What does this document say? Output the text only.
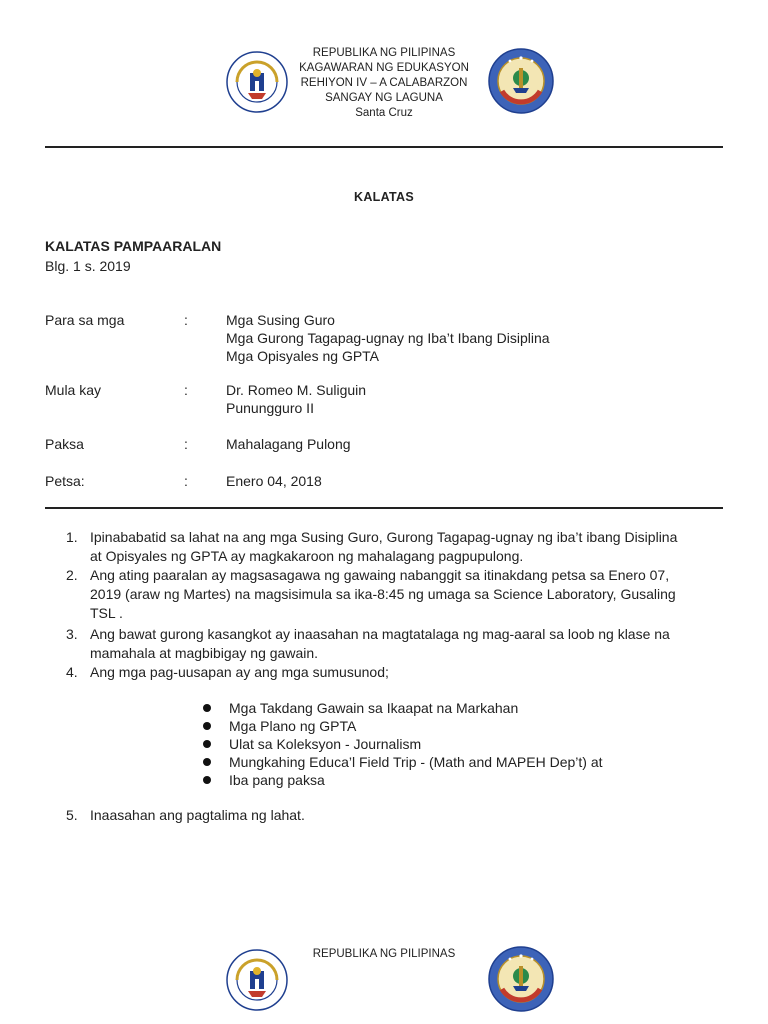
REPUBLIKA NG PILIPINAS
KAGAWARAN NG EDUKASYON
REHIYON IV – A CALABARZON
SANGAY NG LAGUNA
Santa Cruz
KALATAS
KALATAS PAMPAARALAN
Blg. 1 s. 2019
Para sa mga	:	Mga Susing Guro
Mga Gurong Tagapag-ugnay ng Iba’t Ibang Disiplina
Mga Opisyales ng GPTA
Mula kay	:	Dr. Romeo M. Suliguin
Punungguro II
Paksa	:	Mahalagang Pulong
Petsa:	:	Enero 04, 2018
1. Ipinababatid sa lahat na ang mga Susing Guro, Gurong Tagapag-ugnay ng iba’t ibang Disiplina
at Opisyales ng GPTA ay magkakaroon ng mahalagang pagpupulong.
2. Ang ating paaralan ay magsasagawa ng gawaing nabanggit sa itinakdang petsa sa Enero 07,
2019 (araw ng Martes) na magsisimula sa ika-8:45 ng umaga sa Science Laboratory, Gusaling
TSL .
3. Ang bawat gurong kasangkot ay inaasahan na magtatalaga ng mag-aaral sa loob ng klase na
mamahala at magbibigay ng gawain.
4. Ang mga pag-uusapan ay ang mga sumusunod;
Mga Takdang Gawain sa Ikaapat na Markahan
Mga Plano ng GPTA
Ulat sa Koleksyon - Journalism
Mungkahing Educa’l Field Trip - (Math and MAPEH Dep’t) at
Iba pang paksa
5. Inaasahan ang pagtalima ng lahat.
REPUBLIKA NG PILIPINAS
